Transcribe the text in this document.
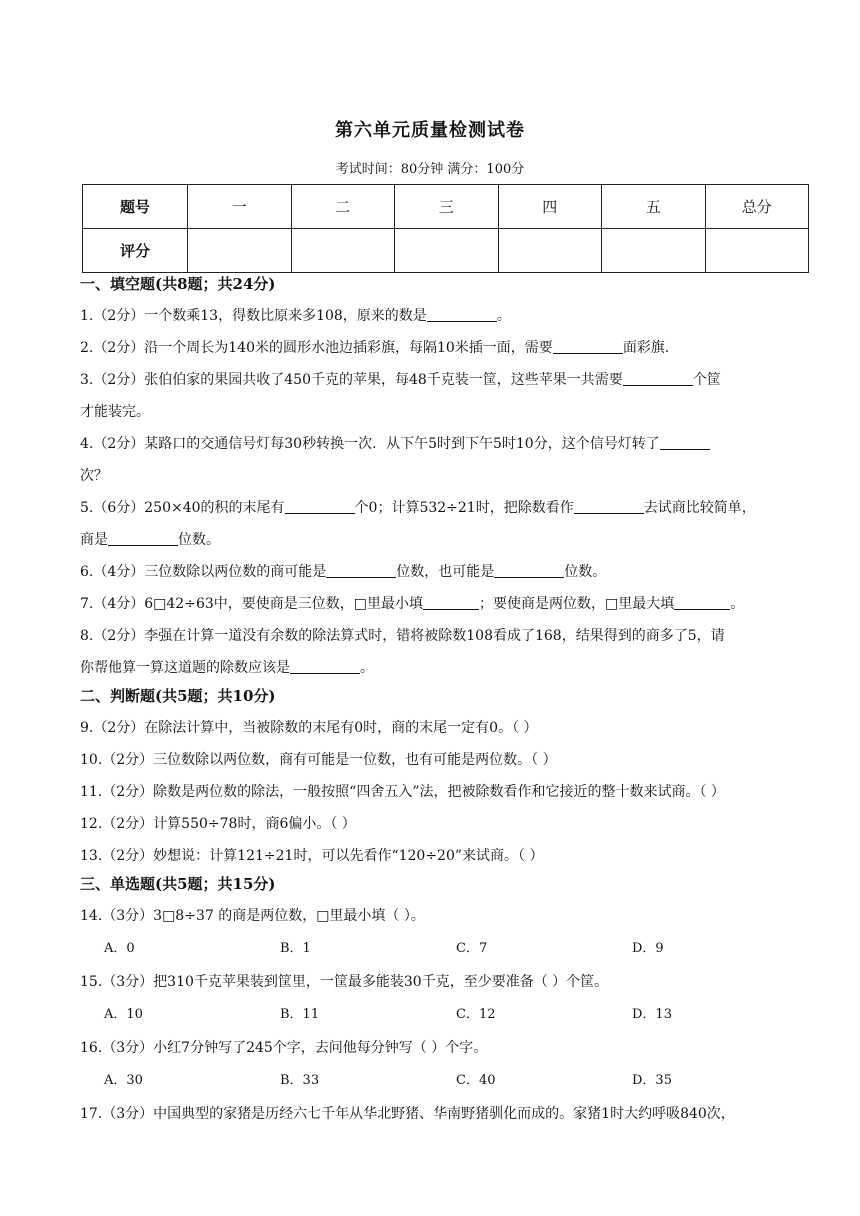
第六单元质量检测试卷
考试时间：80分钟 满分：100分
题号	一	二	三	四	五	总分
评分						
一、填空题(共8题；共24分)
1.（2分）一个数乘13，得数比原来多108，原来的数是	。
2.（2分）沿一个周长为140米的圆形水池边插彩旗，每隔10米插一面，需要	面彩旗.
3.（2分）张伯伯家的果园共收了450千克的苹果，每48千克装一筐，这些苹果一共需要	个筐
才能装完。
4.（2分）某路口的交通信号灯每30秒转换一次．从下午5时到下午5时10分，这个信号灯转了
次？
5.（6分）250×40的积的末尾有	个0；计算532÷21时，把除数看作	去试商比较简单，
商是	位数。
6.（4分）三位数除以两位数的商可能是	位数，也可能是	位数。
7.（4分）6□42÷63中，要使商是三位数，□里最小填	；要使商是两位数，□里最大填	。
8.（2分）李强在计算一道没有余数的除法算式时，错将被除数108看成了168，结果得到的商多了5，请
你帮他算一算这道题的除数应该是	。
二、判断题(共5题；共10分)
9.（2分）在除法计算中，当被除数的末尾有0时，商的末尾一定有0。（ ）
10.（2分）三位数除以两位数，商有可能是一位数，也有可能是两位数。（ ）
11.（2分）除数是两位数的除法，一般按照“四舍五入”法，把被除数看作和它接近的整十数来试商。（ ）
12.（2分）计算550÷78时，商6偏小。（ ）
13.（2分）妙想说：计算121÷21时，可以先看作“120÷20”来试商。（ ）
三、单选题(共5题；共15分)
14.（3分）3□8÷37 的商是两位数，□里最小填（ ）。
A．0	B．1	C．7	D．9
15.（3分）把310千克苹果装到筐里，一筐最多能装30千克，至少要准备（ ）个筐。
A．10	B．11	C．12	D．13
16.（3分）小红7分钟写了245个字，去问他每分钟写（ ）个字。
A．30	B．33	C．40	D．35
17.（3分）中国典型的家猪是历经六七千年从华北野猪、华南野猪驯化而成的。家猪1时大约呼吸840次，
